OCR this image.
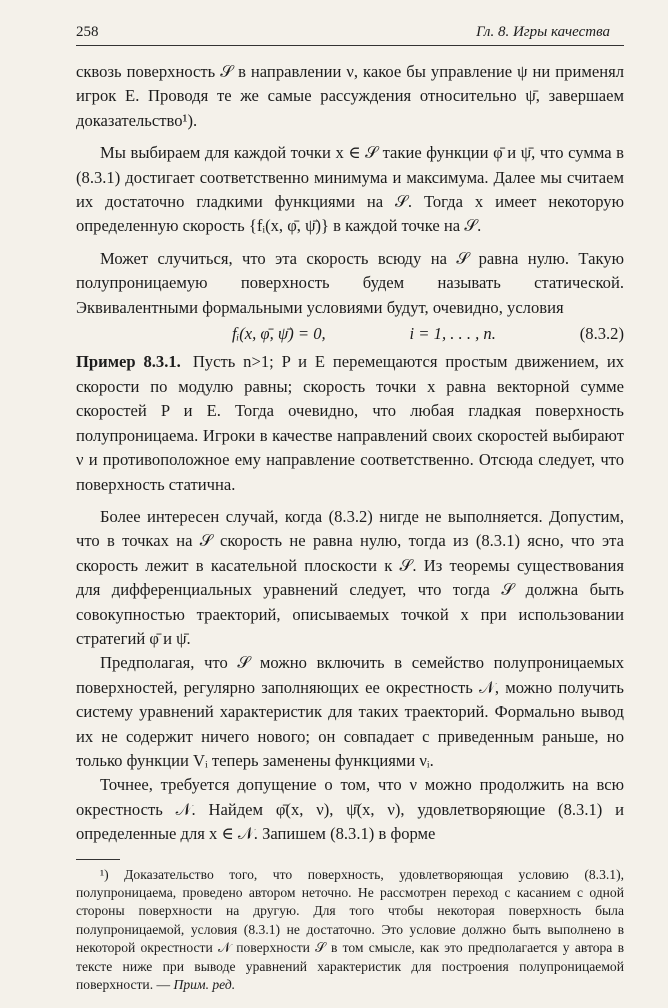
258	Гл. 8. Игры качества

сквозь поверхность 𝒮 в направлении ν, какое бы управление ψ ни применял игрок E. Проводя те же самые рассуждения относительно ψ̄, завершаем доказательство¹).

Мы выбираем для каждой точки x ∈ 𝒮 такие функции φ̄ и ψ̄, что сумма в (8.3.1) достигает соответственно минимума и максимума. Далее мы считаем их достаточно гладкими функциями на 𝒮. Тогда x имеет некоторую определенную скорость {fᵢ(x, φ̄, ψ̄)} в каждой точке на 𝒮.

Может случиться, что эта скорость всюду на 𝒮 равна нулю. Такую полупроницаемую поверхность будем называть статической. Эквивалентными формальными условиями будут, очевидно, условия

fᵢ(x, φ̄, ψ̄) = 0,	i = 1, . . . , n.	(8.3.2)

Пример 8.3.1. Пусть n>1; P и E перемещаются простым движением, их скорости по модулю равны; скорость точки x равна векторной сумме скоростей P и E. Тогда очевидно, что любая гладкая поверхность полупроницаема. Игроки в качестве направлений своих скоростей выбирают ν и противоположное ему направление соответственно. Отсюда следует, что поверхность статична.

Более интересен случай, когда (8.3.2) нигде не выполняется. Допустим, что в точках на 𝒮 скорость не равна нулю, тогда из (8.3.1) ясно, что эта скорость лежит в касательной плоскости к 𝒮. Из теоремы существования для дифференциальных уравнений следует, что тогда 𝒮 должна быть совокупностью траекторий, описываемых точкой x при использовании стратегий φ̄ и ψ̄.

Предполагая, что 𝒮 можно включить в семейство полупроницаемых поверхностей, регулярно заполняющих ее окрестность 𝒩, можно получить систему уравнений характеристик для таких траекторий. Формально вывод их не содержит ничего нового; он совпадает с приведенным раньше, но только функции Vᵢ теперь заменены функциями νᵢ.

Точнее, требуется допущение о том, что ν можно продолжить на всю окрестность 𝒩. Найдем φ̄(x, ν), ψ̄(x, ν), удовлетворяющие (8.3.1) и определенные для x ∈ 𝒩. Запишем (8.3.1) в форме

¹) Доказательство того, что поверхность, удовлетворяющая условию (8.3.1), полупроницаема, проведено автором неточно. Не рассмотрен переход с касанием с одной стороны поверхности на другую. Для того чтобы некоторая поверхность была полупроницаемой, условия (8.3.1) не достаточно. Это условие должно быть выполнено в некоторой окрестности 𝒩 поверхности 𝒮 в том смысле, как это предполагается у автора в тексте ниже при выводе уравнений характеристик для построения полупроницаемой поверхности. — Прим. ред.
